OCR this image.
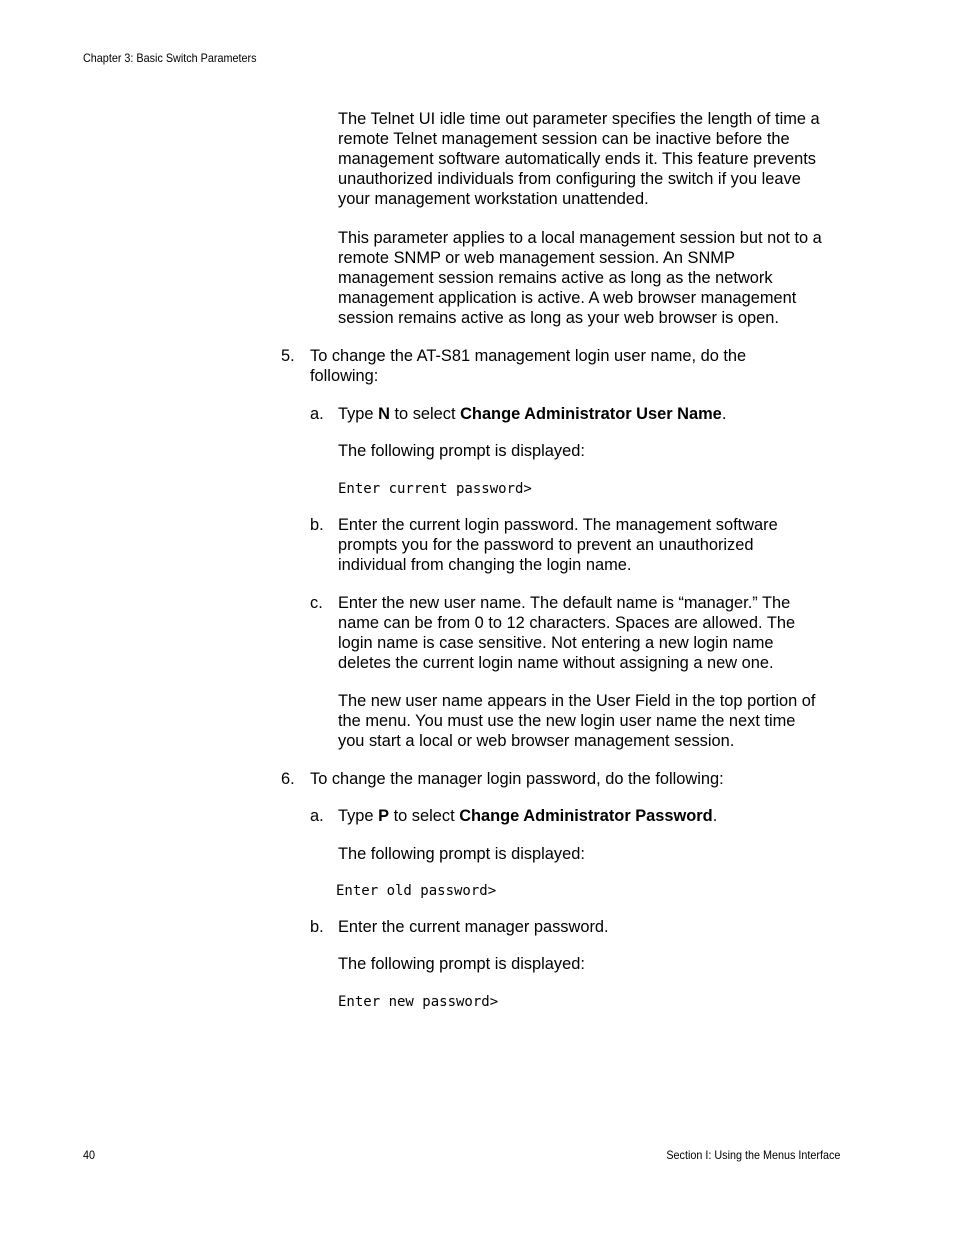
Chapter 3: Basic Switch Parameters
The Telnet UI idle time out parameter specifies the length of time a
remote Telnet management session can be inactive before the
management software automatically ends it. This feature prevents
unauthorized individuals from configuring the switch if you leave
your management workstation unattended.
This parameter applies to a local management session but not to a
remote SNMP or web management session. An SNMP
management session remains active as long as the network
management application is active. A web browser management
session remains active as long as your web browser is open.
5. To change the AT-S81 management login user name, do the
following:
a. Type N to select Change Administrator User Name.
The following prompt is displayed:
Enter current password>
b. Enter the current login password. The management software
prompts you for the password to prevent an unauthorized
individual from changing the login name.
c. Enter the new user name. The default name is “manager.” The
name can be from 0 to 12 characters. Spaces are allowed. The
login name is case sensitive. Not entering a new login name
deletes the current login name without assigning a new one.
The new user name appears in the User Field in the top portion of
the menu. You must use the new login user name the next time
you start a local or web browser management session.
6. To change the manager login password, do the following:
a. Type P to select Change Administrator Password.
The following prompt is displayed:
Enter old password>
b. Enter the current manager password.
The following prompt is displayed:
Enter new password>
40	Section I: Using the Menus Interface
